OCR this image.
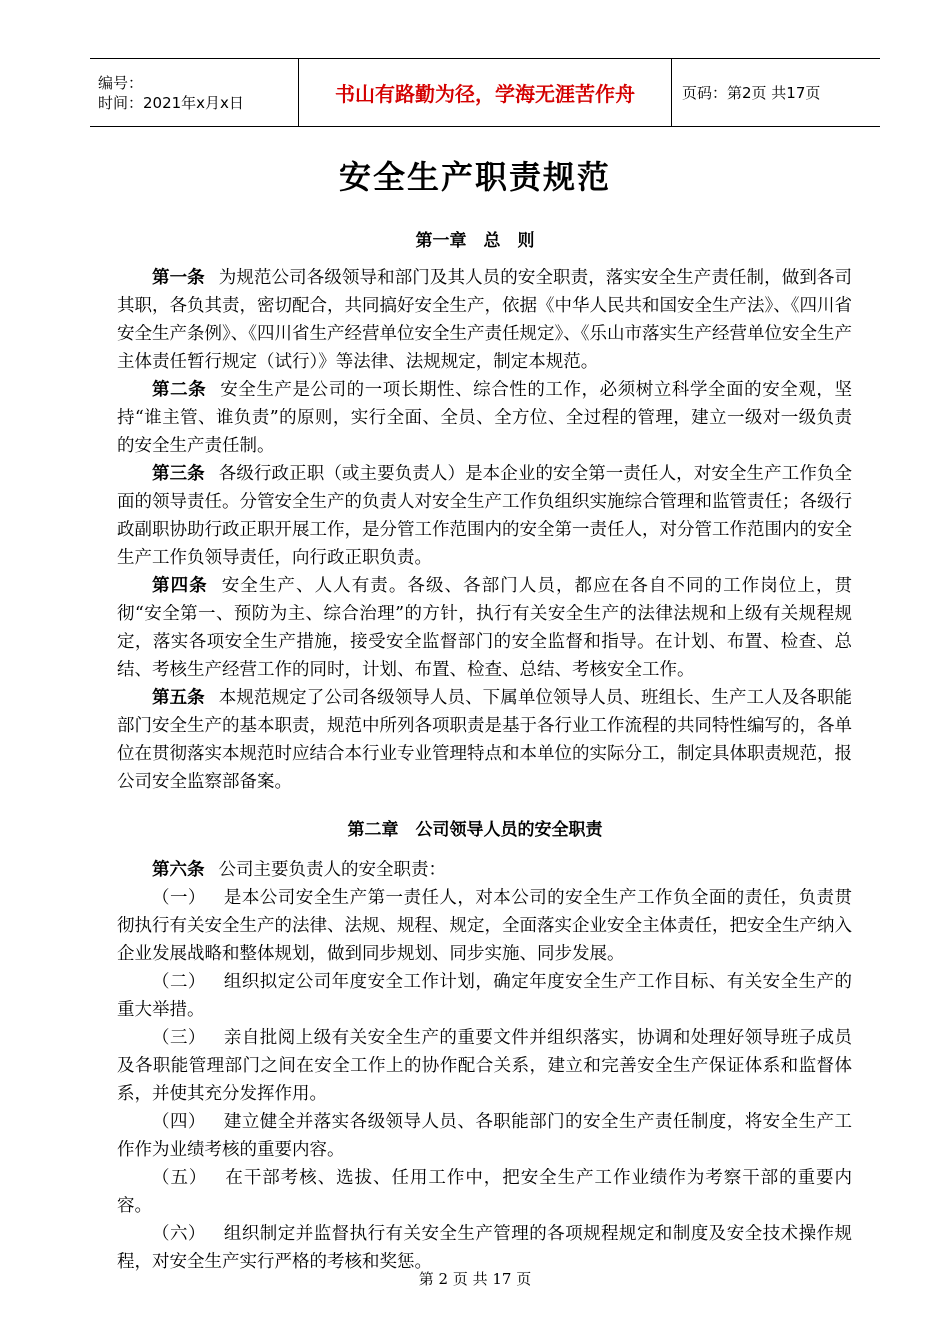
编号：
时间：2021年x月x日	书山有路勤为径，学海无涯苦作舟	页码：第2页 共17页
安全生产职责规范
第一章　总　则

第一条 为规范公司各级领导和部门及其人员的安全职责，落实安全生产责任制，做到各司其职，各负其责，密切配合，共同搞好安全生产，依据《中华人民共和国安全生产法》、《四川省安全生产条例》、《四川省生产经营单位安全生产责任规定》、《乐山市落实生产经营单位安全生产主体责任暂行规定（试行）》等法律、法规规定，制定本规范。

第二条 安全生产是公司的一项长期性、综合性的工作，必须树立科学全面的安全观，坚持“谁主管、谁负责”的原则，实行全面、全员、全方位、全过程的管理，建立一级对一级负责的安全生产责任制。

第三条 各级行政正职（或主要负责人）是本企业的安全第一责任人，对安全生产工作负全面的领导责任。分管安全生产的负责人对安全生产工作负组织实施综合管理和监管责任；各级行政副职协助行政正职开展工作，是分管工作范围内的安全第一责任人，对分管工作范围内的安全生产工作负领导责任，向行政正职负责。

第四条 安全生产、人人有责。各级、各部门人员，都应在各自不同的工作岗位上，贯彻“安全第一、预防为主、综合治理”的方针，执行有关安全生产的法律法规和上级有关规程规定，落实各项安全生产措施，接受安全监督部门的安全监督和指导。在计划、布置、检查、总结、考核生产经营工作的同时，计划、布置、检查、总结、考核安全工作。

第五条 本规范规定了公司各级领导人员、下属单位领导人员、班组长、生产工人及各职能部门安全生产的基本职责，规范中所列各项职责是基于各行业工作流程的共同特性编写的，各单位在贯彻落实本规范时应结合本行业专业管理特点和本单位的实际分工，制定具体职责规范，报公司安全监察部备案。

第二章　公司领导人员的安全职责

第六条 公司主要负责人的安全职责：

（一） 是本公司安全生产第一责任人，对本公司的安全生产工作负全面的责任，负责贯彻执行有关安全生产的法律、法规、规程、规定，全面落实企业安全主体责任，把安全生产纳入企业发展战略和整体规划，做到同步规划、同步实施、同步发展。

（二） 组织拟定公司年度安全工作计划，确定年度安全生产工作目标、有关安全生产的 重大举措。

（三） 亲自批阅上级有关安全生产的重要文件并组织落实，协调和处理好领导班子成员及各职能管理部门之间在安全工作上的协作配合关系，建立和完善安全生产保证体系和监督体系，并使其充分发挥作用。

（四） 建立健全并落实各级领导人员、各职能部门的安全生产责任制度，将安全生产工作作为业绩考核的重要内容。

（五） 在干部考核、选拔、任用工作中，把安全生产工作业绩作为考察干部的重要内容。

（六） 组织制定并监督执行有关安全生产管理的各项规程规定和制度及安全技术操作规程，对安全生产实行严格的考核和奖惩。

第 2 页 共 17 页
